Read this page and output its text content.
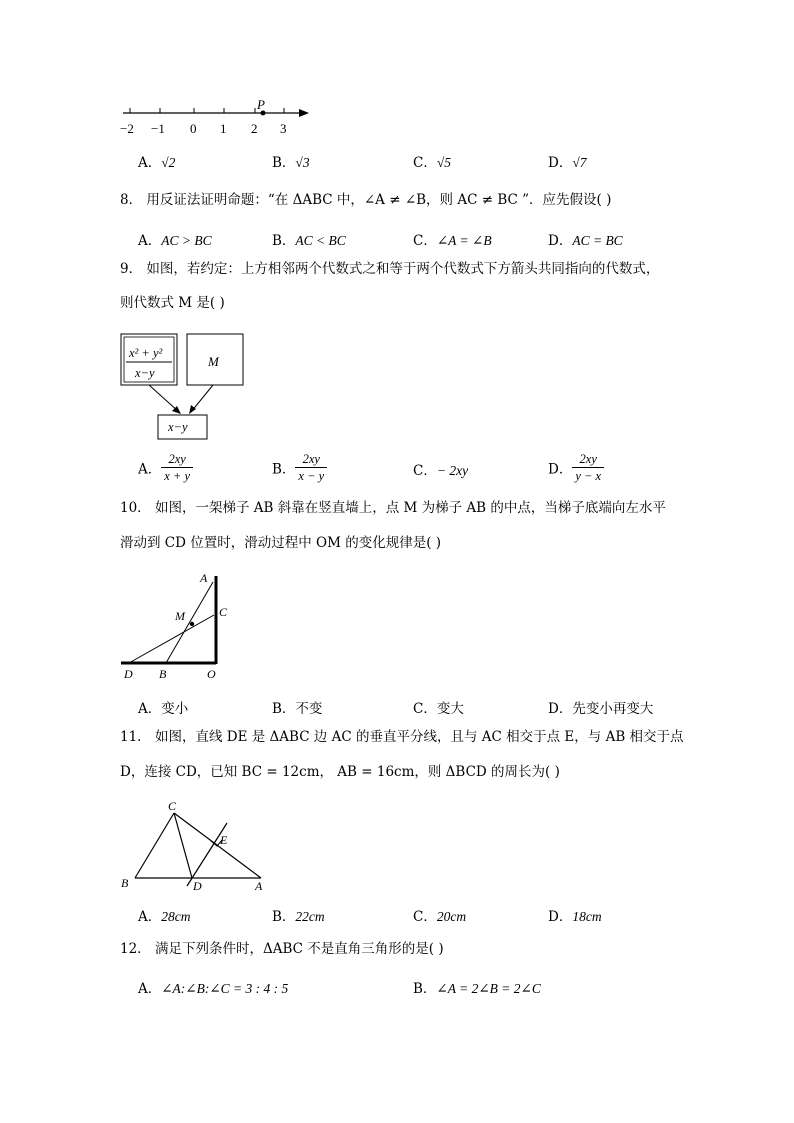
P
−2 −1 0 1 2 3
A．√2	B．√3	C．√5	D．√7
8． 用反证法证明命题：“在 ΔABC 中，∠A ≠ ∠B，则 AC ≠ BC ”．应先假设( )
A．AC > BC	B．AC < BC	C．∠A = ∠B	D．AC = BC
9． 如图，若约定：上方相邻两个代数式之和等于两个代数式下方箭头共同指向的代数式，
则代数式 M 是( )
x² + y²
x−y
M
x−y
A． $\frac{2xy}{x + y}$	B． $\frac{2xy}{x - y}$	C．− 2xy	D． $\frac{2xy}{y - x}$
10． 如图，一架梯子 AB 斜靠在竖直墙上，点 M 为梯子 AB 的中点，当梯子底端向左水平
滑动到 CD 位置时，滑动过程中 OM 的变化规律是( )
A
C
M
D B	O
A．变小	B．不变	C．变大	D．先变小再变大
11． 如图，直线 DE 是 ΔABC 边 AC 的垂直平分线，且与 AC 相交于点 E，与 AB 相交于点
D，连接 CD，已知 BC = 12cm， AB = 16cm，则 ΔBCD 的周长为( )
C
E
B	D	A
A．28cm	B．22cm	C．20cm	D．18cm
12． 满足下列条件时，ΔABC 不是直角三角形的是( )
A．∠A:∠B:∠C = 3 : 4 : 5	B．∠A = 2∠B = 2∠C
